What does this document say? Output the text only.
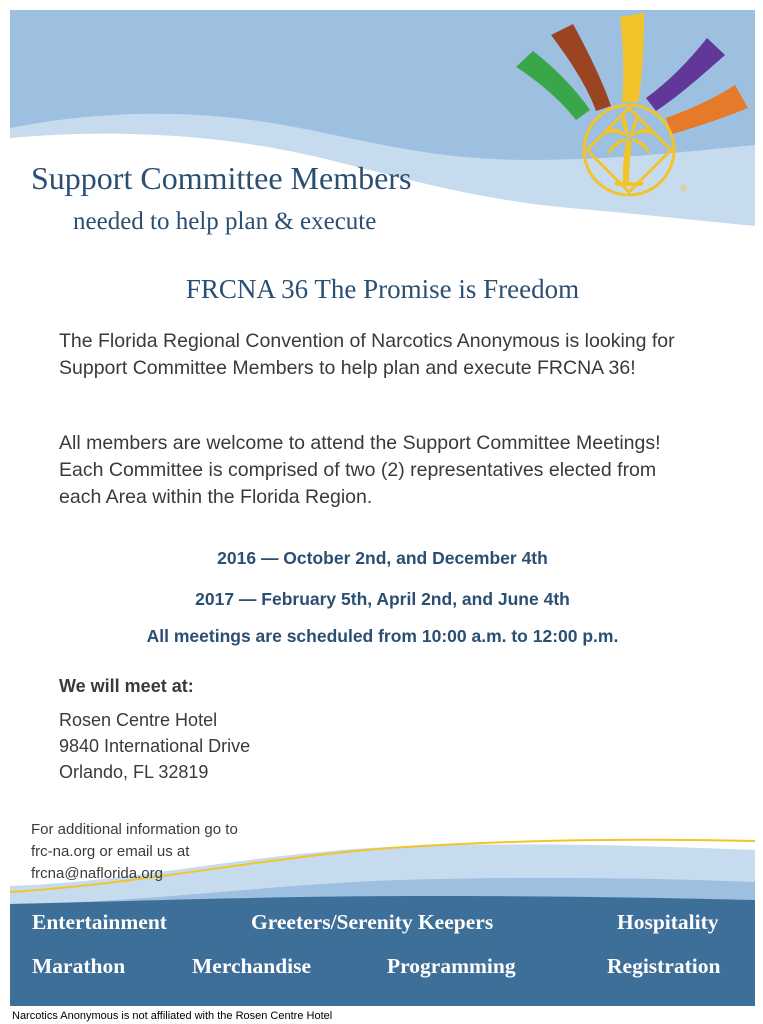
®
Support Committee Members
needed to help plan & execute
FRCNA 36 The Promise is Freedom

The Florida Regional Convention of Narcotics Anonymous is looking for Support Committee Members to help plan and execute FRCNA 36!

All members are welcome to attend the Support Committee Meetings! Each Committee is comprised of two (2) representatives elected from each Area within the Florida Region.

2016 — October 2nd, and December 4th

2017 — February 5th, April 2nd, and June 4th

All meetings are scheduled from 10:00 a.m. to 12:00 p.m.

We will meet at:

Rosen Centre Hotel
9840 International Drive
Orlando, FL 32819
For additional information go to
frc-na.org or email us at
frcna@naflorida.org
Entertainment	Greeters/Serenity Keepers	Hospitality
Marathon	Merchandise	Programming	Registration

Narcotics Anonymous is not affiliated with the Rosen Centre Hotel
